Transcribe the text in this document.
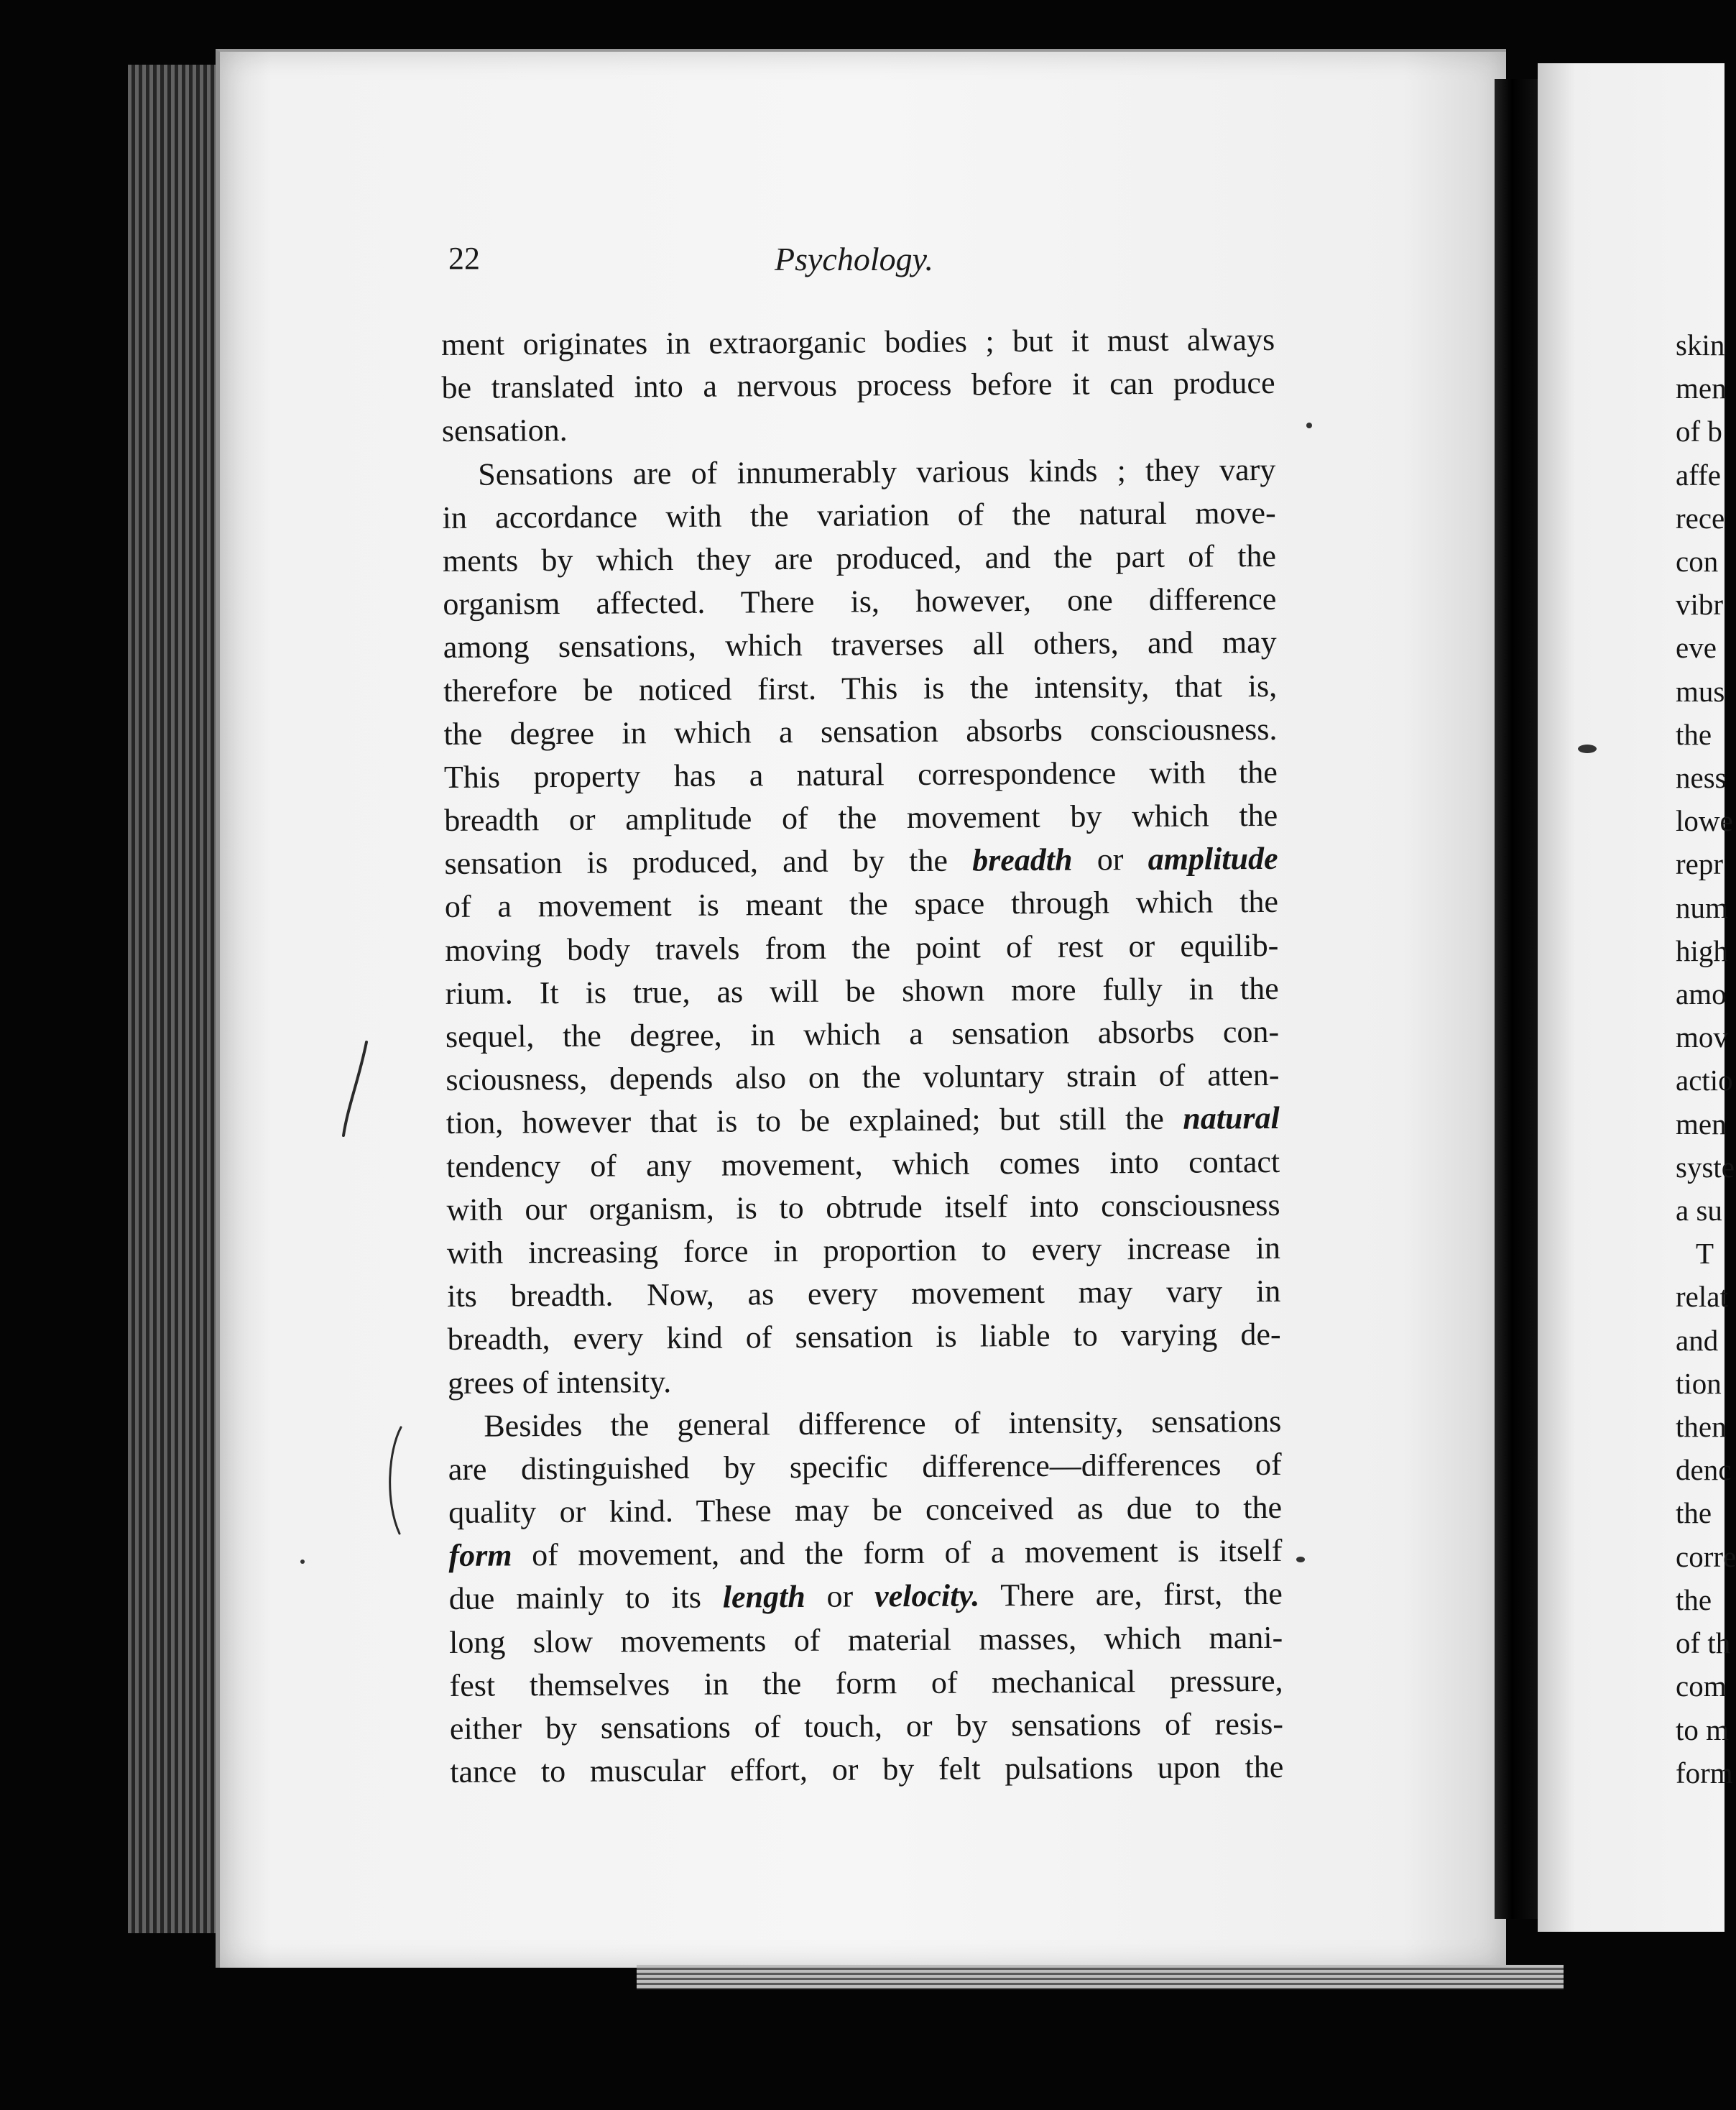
22	Psychology.
ment originates in extraorganic bodies ; but it must always
be translated into a nervous process before it can produce
sensation.
Sensations are of innumerably various kinds ; they vary
in accordance with the variation of the natural move-
ments by which they are produced, and the part of the
organism affected. There is, however, one difference
among sensations, which traverses all others, and may
therefore be noticed first. This is the intensity, that is,
the degree in which a sensation absorbs consciousness.
This property has a natural correspondence with the
breadth or amplitude of the movement by which the
sensation is produced, and by the breadth or amplitude
of a movement is meant the space through which the
moving body travels from the point of rest or equilib-
rium. It is true, as will be shown more fully in the
sequel, the degree, in which a sensation absorbs con-
sciousness, depends also on the voluntary strain of atten-
tion, however that is to be explained; but still the natural
tendency of any movement, which comes into contact
with our organism, is to obtrude itself into consciousness
with increasing force in proportion to every increase in
its breadth. Now, as every movement may vary in
breadth, every kind of sensation is liable to varying de-
grees of intensity.
Besides the general difference of intensity, sensations
are distinguished by specific difference—differences of
quality or kind. These may be conceived as due to the
form of movement, and the form of a movement is itself
due mainly to its length or velocity. There are, first, the
long slow movements of material masses, which mani-
fest themselves in the form of mechanical pressure,
either by sensations of touch, or by sensations of resis-
tance to muscular effort, or by felt pulsations upon the
skin
men
of b
affe
rece
con
vibr
eve
mus
the
ness
lowe
repr
num
high
amo
mov
actio
men
syste
a su
T
relat
and
tion
then
denc
the
corre
the
of th
com
to m
form
